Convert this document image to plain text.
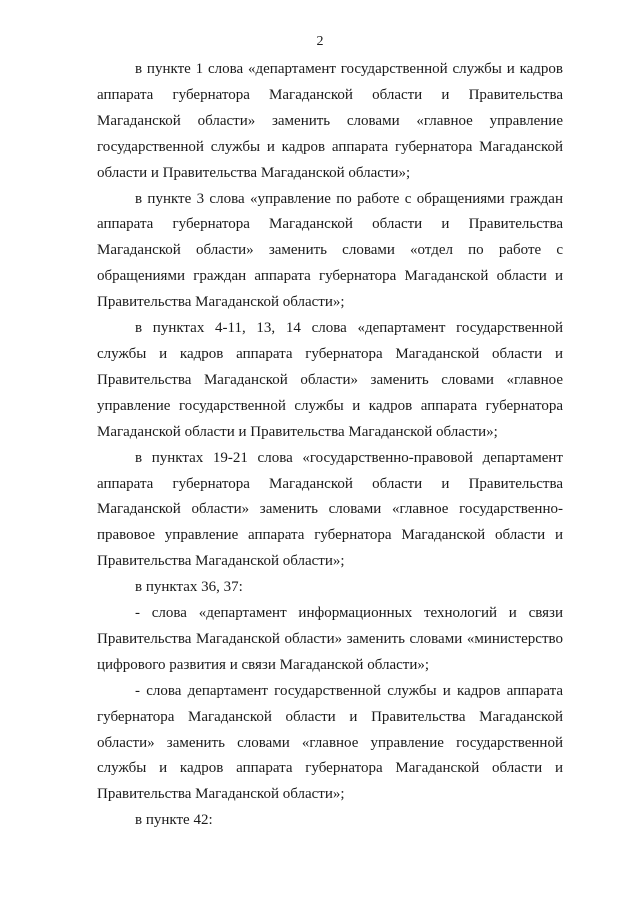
2

в пункте 1 слова «департамент государственной службы и кадров аппарата губернатора Магаданской области и Правительства Магаданской области» заменить словами «главное управление государственной службы и кадров аппарата губернатора Магаданской области и Правительства Магаданской области»;

в пункте 3 слова «управление по работе с обращениями граждан аппарата губернатора Магаданской области и Правительства Магаданской области» заменить словами «отдел по работе с обращениями граждан аппарата губернатора Магаданской области и Правительства Магаданской области»;

в пунктах 4-11, 13, 14 слова «департамент государственной службы и кадров аппарата губернатора Магаданской области и Правительства Магаданской области» заменить словами «главное управление государственной службы и кадров аппарата губернатора Магаданской области и Правительства Магаданской области»;

в пунктах 19-21 слова «государственно-правовой департамент аппарата губернатора Магаданской области и Правительства Магаданской области» заменить словами «главное государственно-правовое управление аппарата губернатора Магаданской области и Правительства Магаданской области»;

в пунктах 36, 37:

- слова «департамент информационных технологий и связи Правительства Магаданской области» заменить словами «министерство цифрового развития и связи Магаданской области»;

- слова департамент государственной службы и кадров аппарата губернатора Магаданской области и Правительства Магаданской области» заменить словами «главное управление государственной службы и кадров аппарата губернатора Магаданской области и Правительства Магаданской области»;

в пункте 42:
